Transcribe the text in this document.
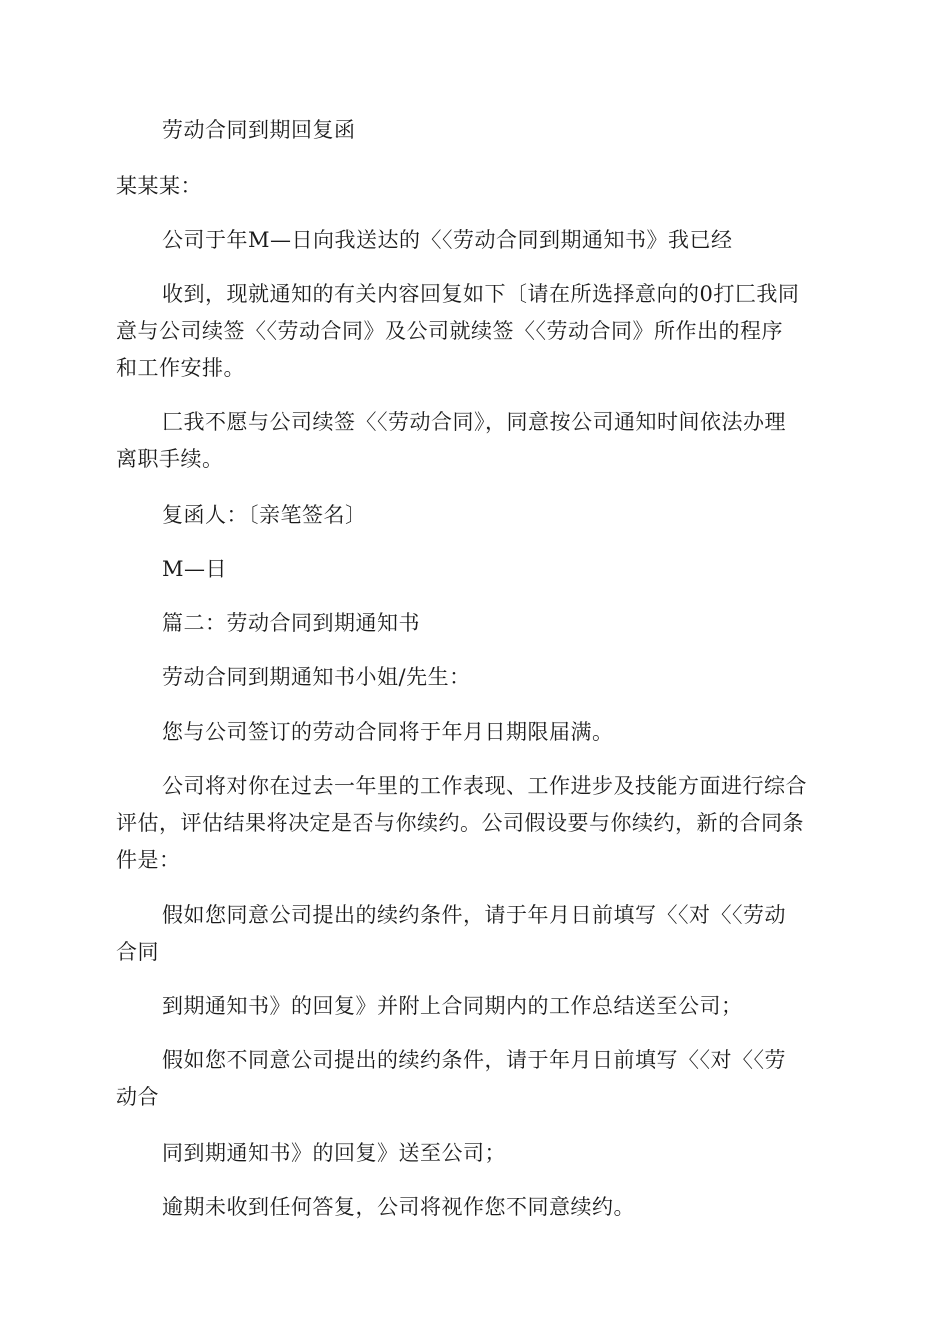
劳动合同到期回复函

某某某：

公司于年M—日向我送达的〈〈劳动合同到期通知书》我已经

收到，现就通知的有关内容回复如下〔请在所选择意向的0打匚我同

意与公司续签〈〈劳动合同》及公司就续签〈〈劳动合同》所作出的程序

和工作安排。

匚我不愿与公司续签〈〈劳动合同》，同意按公司通知时间依法办理

离职手续。

复函人：〔亲笔签名〕

M—日

篇二：劳动合同到期通知书

劳动合同到期通知书小姐/先生：

您与公司签订的劳动合同将于年月日期限届满。

公司将对你在过去一年里的工作表现、工作进步及技能方面进行综合

评估，评估结果将决定是否与你续约。公司假设要与你续约，新的合同条

件是：

假如您同意公司提出的续约条件，请于年月日前填写〈〈对〈〈劳动

合同

到期通知书》的回复》并附上合同期内的工作总结送至公司；

假如您不同意公司提出的续约条件，请于年月日前填写〈〈对〈〈劳

动合

同到期通知书》的回复》送至公司；

逾期未收到任何答复，公司将视作您不同意续约。
